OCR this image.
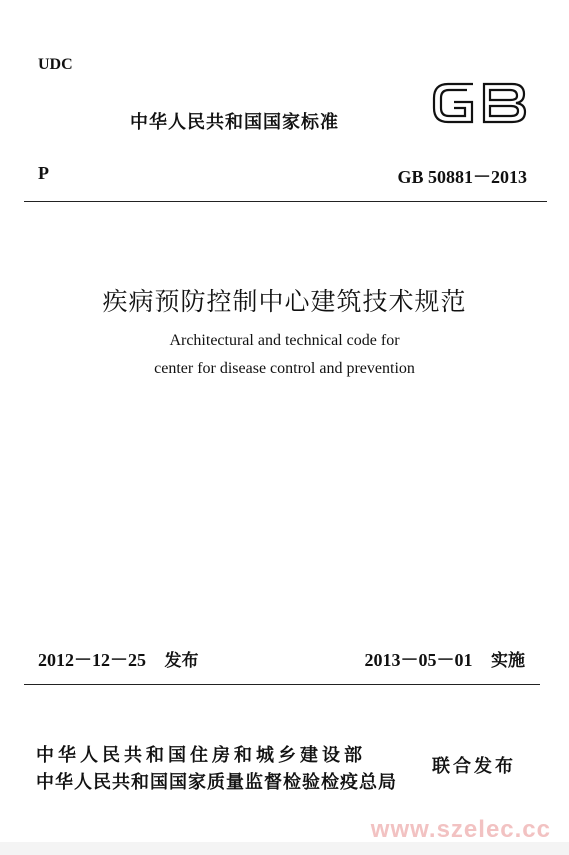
UDC
中华人民共和国国家标准
P	GB 50881－2013
疾病预防控制中心建筑技术规范
Architectural and technical code for
center for disease control and prevention
2012－12－25 发布	2013－05－01 实施
中华人民共和国住房和城乡建设部
中华人民共和国国家质量监督检验检疫总局
联合发布
www.szelec.cc
